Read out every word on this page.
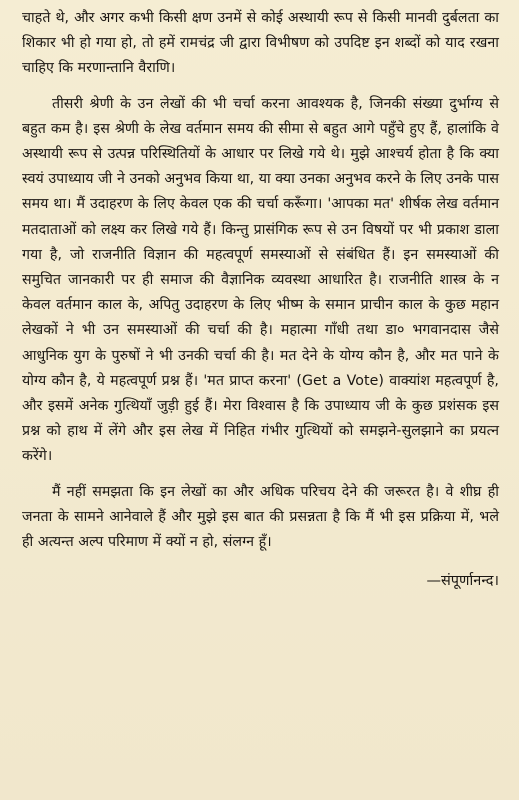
चाहते थे, और अगर कभी किसी क्षण उनमें से कोई अस्थायी रूप से किसी मानवी दुर्बलता का शिकार भी हो गया हो, तो हमें रामचंद्र जी द्वारा विभीषण को उपदिष्ट इन शब्दों को याद रखना चाहिए कि मरणान्तानि वैराणि।

तीसरी श्रेणी के उन लेखों की भी चर्चा करना आवश्यक है, जिनकी संख्या दुर्भाग्य से बहुत कम है। इस श्रेणी के लेख वर्तमान समय की सीमा से बहुत आगे पहुँचे हुए हैं, हालांकि वे अस्थायी रूप से उत्पन्न परिस्थितियों के आधार पर लिखे गये थे। मुझे आश्चर्य होता है कि क्या स्वयं उपाध्याय जी ने उनको अनुभव किया था, या क्या उनका अनुभव करने के लिए उनके पास समय था। मैं उदाहरण के लिए केवल एक की चर्चा करूँगा। 'आपका मत' शीर्षक लेख वर्तमान मतदाताओं को लक्ष्य कर लिखे गये हैं। किन्तु प्रासंगिक रूप से उन विषयों पर भी प्रकाश डाला गया है, जो राजनीति विज्ञान की महत्वपूर्ण समस्याओं से संबंधित हैं। इन समस्याओं की समुचित जानकारी पर ही समाज की वैज्ञानिक व्यवस्था आधारित है। राजनीति शास्त्र के न केवल वर्तमान काल के, अपितु उदाहरण के लिए भीष्म के समान प्राचीन काल के कुछ महान लेखकों ने भी उन समस्याओं की चर्चा की है। महात्मा गाँधी तथा डा० भगवानदास जैसे आधुनिक युग के पुरुषों ने भी उनकी चर्चा की है। मत देने के योग्य कौन है, और मत पाने के योग्य कौन है, ये महत्वपूर्ण प्रश्न हैं। 'मत प्राप्त करना' (Get a Vote) वाक्यांश महत्वपूर्ण है, और इसमें अनेक गुत्थियाँ जुड़ी हुई हैं। मेरा विश्वास है कि उपाध्याय जी के कुछ प्रशंसक इस प्रश्न को हाथ में लेंगे और इस लेख में निहित गंभीर गुत्थियों को समझने-सुलझाने का प्रयत्न करेंगे।

मैं नहीं समझता कि इन लेखों का और अधिक परिचय देने की जरूरत है। वे शीघ्र ही जनता के सामने आनेवाले हैं और मुझे इस बात की प्रसन्नता है कि मैं भी इस प्रक्रिया में, भले ही अत्यन्त अल्प परिमाण में क्यों न हो, संलग्न हूँ।

—संपूर्णानन्द।
